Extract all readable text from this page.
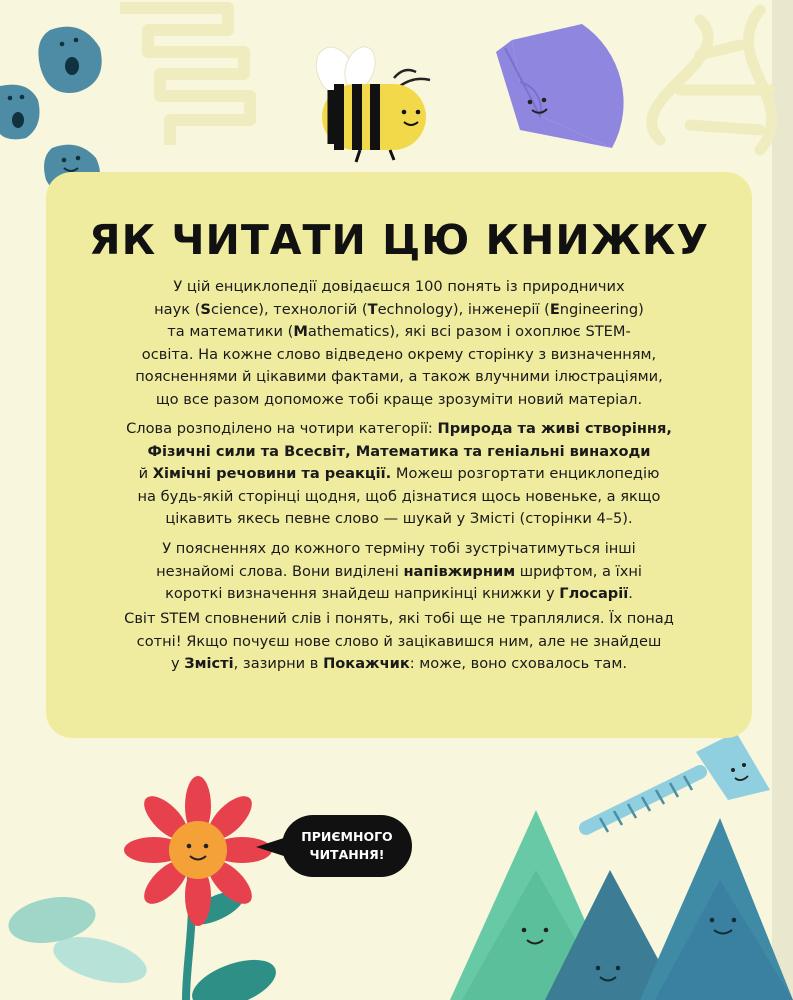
ЯК ЧИТАТИ ЦЮ КНИЖКУ

У цій енциклопедії довідаєшся 100 понять із природничих
наук (Science), технологій (Technology), інженерії (Engineering)
та математики (Mathematics), які всі разом і охоплює STEM-
освіта. На кожне слово відведено окрему сторінку з визначенням,
поясненнями й цікавими фактами, а також влучними ілюстраціями,
що все разом допоможе тобі краще зрозуміти новий матеріал.

Слова розподілено на чотири категорії: Природа та живі створіння,
Фізичні сили та Всесвіт, Математика та геніальні винаходи
й Хімічні речовини та реакції. Можеш розгортати енциклопедію
на будь-якій сторінці щодня, щоб дізнатися щось новеньке, а якщо
цікавить якесь певне слово — шукай у Змісті (сторінки 4–5).

У поясненнях до кожного терміну тобі зустрічатимуться інші
незнайомі слова. Вони виділені напівжирним шрифтом, а їхні
короткі визначення знайдеш наприкінці книжки у Глосарії.

Світ STEM сповнений слів і понять, які тобі ще не траплялися. Їх понад
сотні! Якщо почуєш нове слово й зацікавишся ним, але не знайдеш
у Змісті, зазирни в Покажчик: може, воно сховалось там.

ПРИЄМНОГО
ЧИТАННЯ!
